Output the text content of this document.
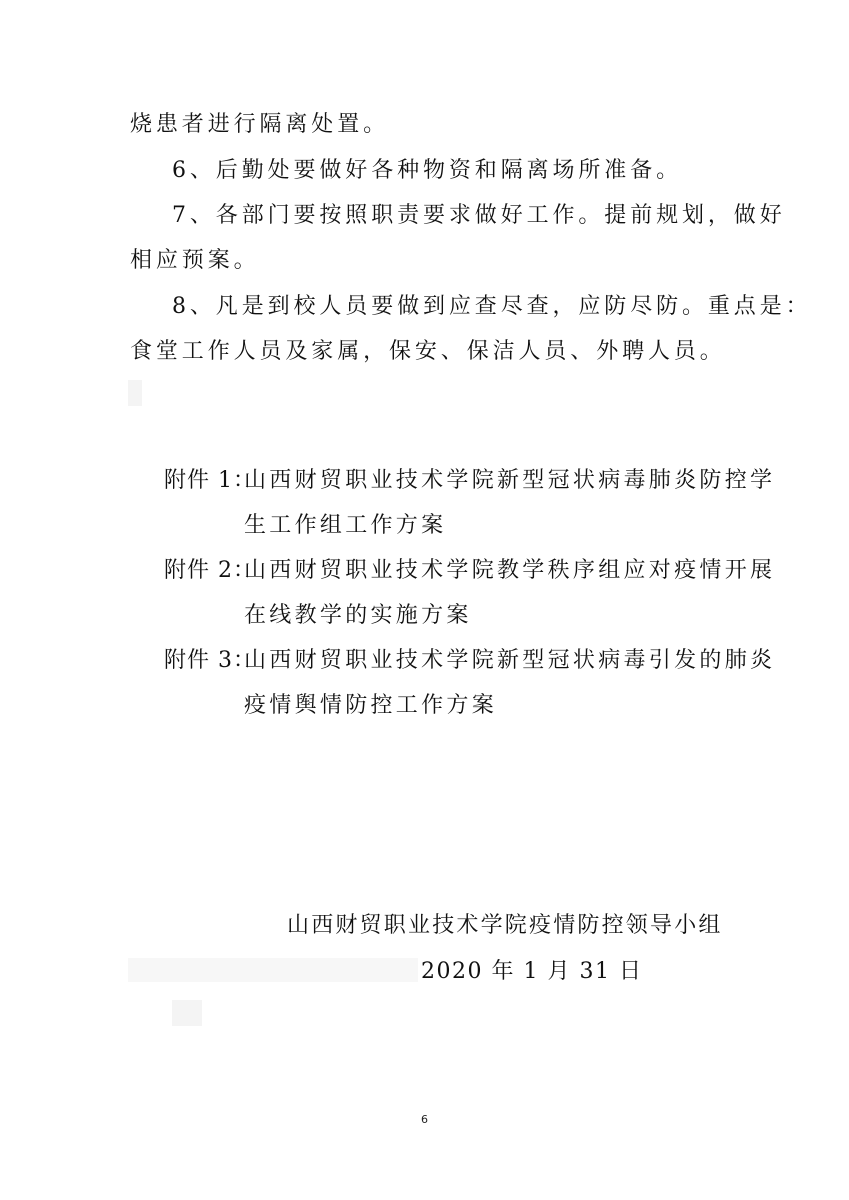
烧患者进行隔离处置。
6、后勤处要做好各种物资和隔离场所准备。
7、各部门要按照职责要求做好工作。提前规划，做好
相应预案。
8、凡是到校人员要做到应查尽查，应防尽防。重点是：
食堂工作人员及家属，保安、保洁人员、外聘人员。
附件 1：
山西财贸职业技术学院新型冠状病毒肺炎防控学
生工作组工作方案
附件 2：
山西财贸职业技术学院教学秩序组应对疫情开展
在线教学的实施方案
附件 3：
山西财贸职业技术学院新型冠状病毒引发的肺炎
疫情舆情防控工作方案
山西财贸职业技术学院疫情防控领导小组
2020 年 1 月 31 日
6
